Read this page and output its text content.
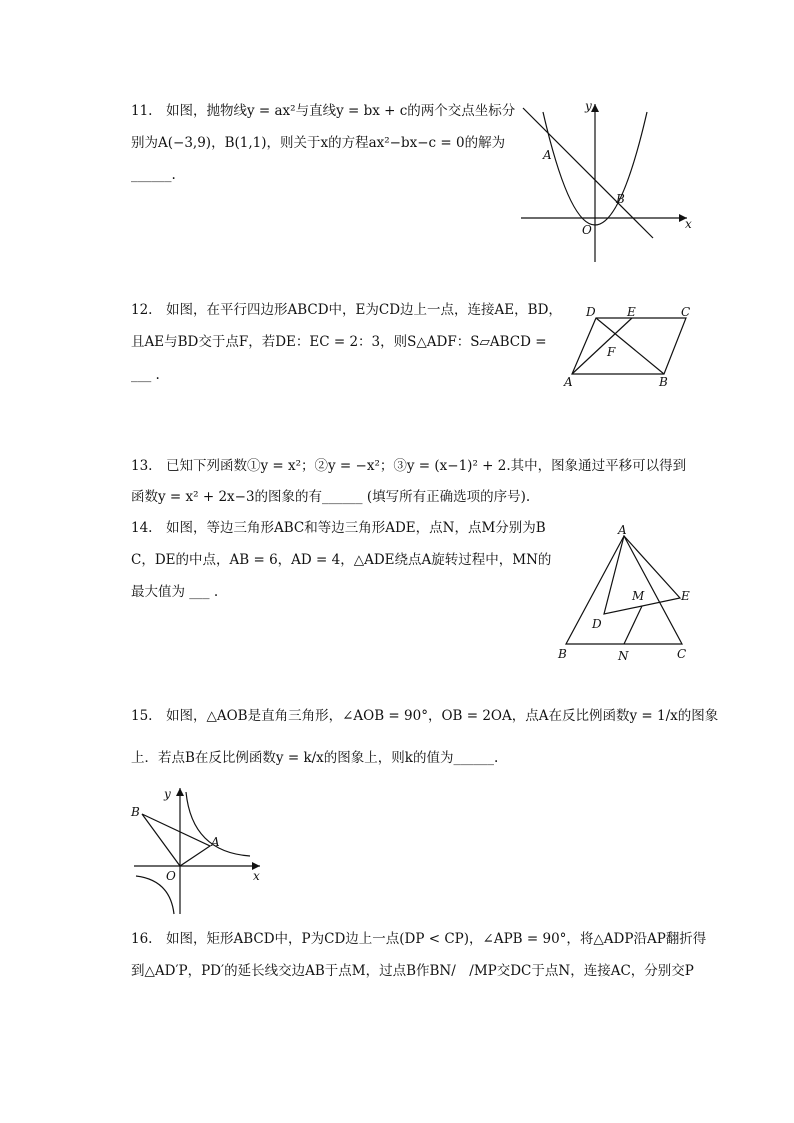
11.　如图，抛物线y = ax²与直线y = bx + c的两个交点坐标分
别为A(−3,9)，B(1,1)，则关于x的方程ax²−bx−c = 0的解为
______.
y
x
O
A
B
12.　如图，在平行四边形ABCD中，E为CD边上一点，连接AE，BD，
且AE与BD交于点F，若DE：EC = 2：3，则S△ADF：S▱ABCD =
___ .
D	E	C
F
A	B
13.　已知下列函数①y = x²；②y = −x²；③y = (x−1)² + 2.其中，图象通过平移可以得到
函数y = x² + 2x−3的图象的有______ (填写所有正确选项的序号).
14.　如图，等边三角形ABC和等边三角形ADE，点N，点M分别为B
C，DE的中点，AB = 6，AD = 4，△ADE绕点A旋转过程中，MN的
最大值为 ___ .
A
M	E
D
B	N	C
15.　如图，△AOB是直角三角形，∠AOB = 90°，OB = 2OA，点A在反比例函数y = 1/x的图象
上．若点B在反比例函数y = k/x的图象上，则k的值为______.
B
y
A
O	x
16.　如图，矩形ABCD中，P为CD边上一点(DP < CP)，∠APB = 90°，将△ADP沿AP翻折得
到△AD′P，PD′的延长线交边AB于点M，过点B作BN/　/MP交DC于点N，连接AC，分别交P
